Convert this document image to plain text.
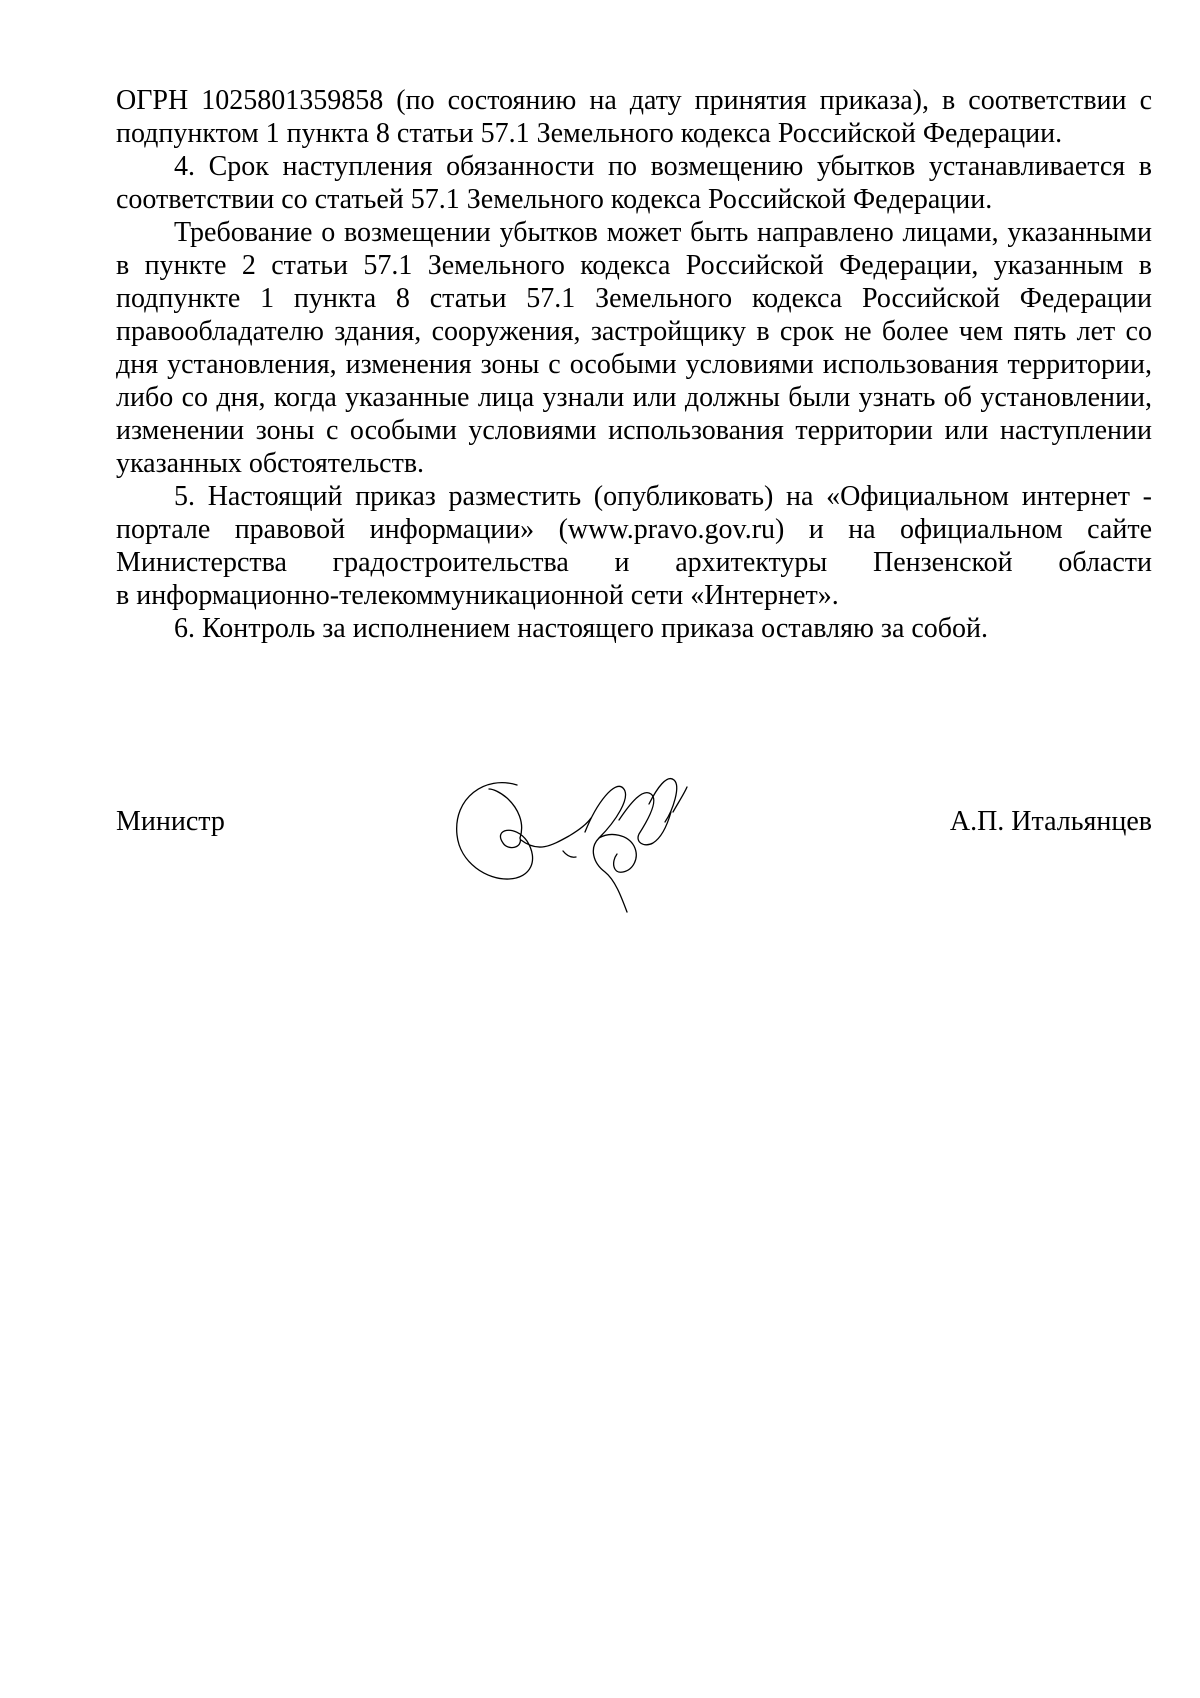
ОГРН 1025801359858 (по состоянию на дату принятия приказа), в соответствии с подпунктом 1 пункта 8 статьи 57.1 Земельного кодекса Российской Федерации.

4. Срок наступления обязанности по возмещению убытков устанавливается в соответствии со статьей 57.1 Земельного кодекса Российской Федерации.

Требование о возмещении убытков может быть направлено лицами, указанными в пункте 2 статьи 57.1 Земельного кодекса Российской Федерации, указанным в подпункте 1 пункта 8 статьи 57.1 Земельного кодекса Российской Федерации правообладателю здания, сооружения, застройщику в срок не более чем пять лет со дня установления, изменения зоны с особыми условиями использования территории, либо со дня, когда указанные лица узнали или должны были узнать об установлении, изменении зоны с особыми условиями использования территории или наступлении указанных обстоятельств.

5. Настоящий приказ разместить (опубликовать) на «Официальном интернет - портале правовой информации» (www.pravo.gov.ru) и на официальном сайте Министерства градостроительства и архитектуры Пензенской области

в информационно-телекоммуникационной сети «Интернет».

6. Контроль за исполнением настоящего приказа оставляю за собой.

Министр	А.П. Итальянцев
